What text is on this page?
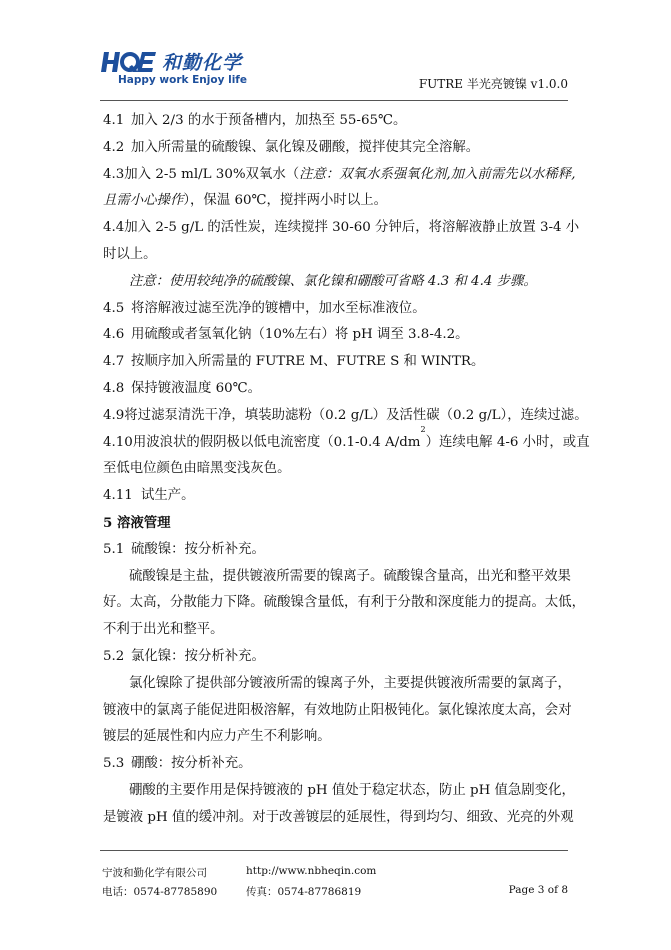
和勤化学
Happy work Enjoy life	FUTRE 半光亮镀镍 v1.0.0
4.1 加入 2/3 的水于预备槽内，加热至 55-65℃。
4.2 加入所需量的硫酸镍、氯化镍及硼酸，搅拌使其完全溶解。
4.3 加入 2-5 ml/L 30%双氧水（ 注意：双氧水系强氧化剂,加入前需先以水稀释,
且需小心操作 ），保温 60℃，搅拌两小时以上。
4.4 加入 2-5 g/L 的活性炭，连续搅拌 30-60 分钟后，将溶解液静止放置 3-4 小
时以上。
注意：使用较纯净的硫酸镍、氯化镍和硼酸可省略 4.3 和 4.4 步骤。
4.5 将溶解液过滤至洗净的镀槽中，加水至标准液位。
4.6 用硫酸或者氢氧化钠（10%左右）将 pH 调至 3.8-4.2。
4.7 按顺序加入所需量的 FUTRE M、FUTRE S 和 WINTR。
4.8 保持镀液温度 60℃。
4.9 将过滤泵清洗干净，填装助滤粉（0.2 g/L）及活性碳（0.2 g/L），连续过滤。
4.10 用波浪状的假阴极以低电流密度（0.1-0.4 A/dm
2
）连续电解 4-6 小时，或直
至低电位颜色由暗黑变浅灰色。
4.11 试生产。
5 溶液管理
5.1 硫酸镍：按分析补充。
硫酸镍是主盐，提供镀液所需要的镍离子。硫酸镍含量高，出光和整平效果
好。太高，分散能力下降。硫酸镍含量低，有利于分散和深度能力的提高。太低，
不利于出光和整平。
5.2 氯化镍：按分析补充。
氯化镍除了提供部分镀液所需的镍离子外，主要提供镀液所需要的氯离子，
镀液中的氯离子能促进阳极溶解，有效地防止阳极钝化。氯化镍浓度太高，会对
镀层的延展性和内应力产生不利影响。
5.3 硼酸：按分析补充。
硼酸的主要作用是保持镀液的 pH 值处于稳定状态，防止 pH 值急剧变化，
是镀液 pH 值的缓冲剂。对于改善镀层的延展性，得到均匀、细致、光亮的外观
宁波和勤化学有限公司	http://www.nbheqin.com
电话：0574-87785890	传真：0574-87786819	Page 3 of 8
